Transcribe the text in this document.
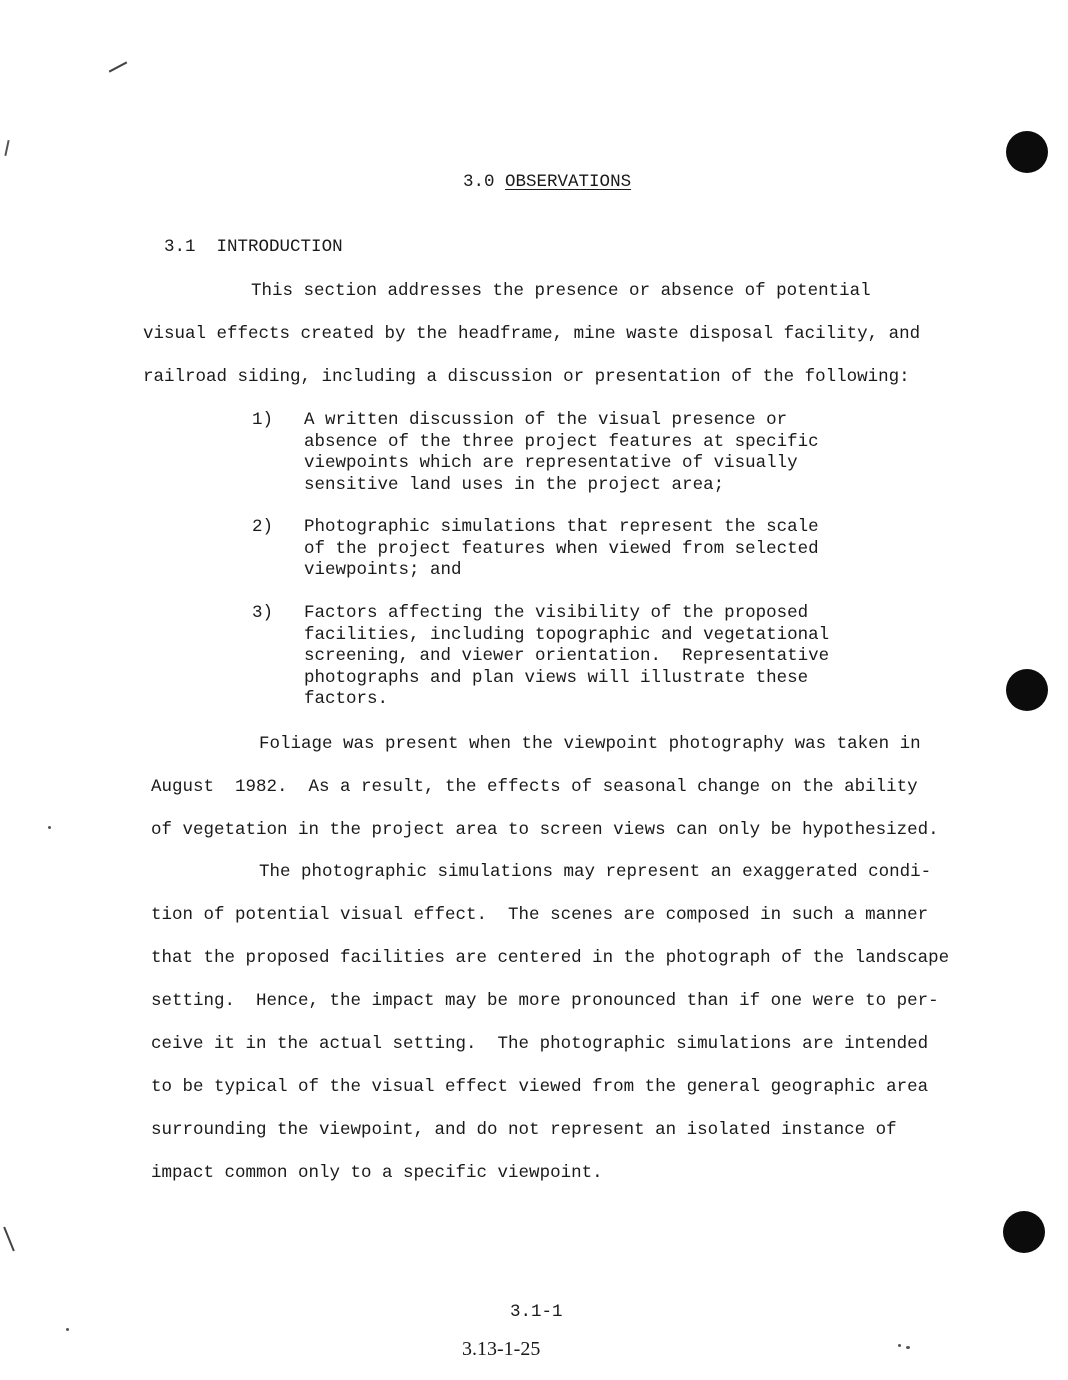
3.0 OBSERVATIONS

3.1 INTRODUCTION

This section addresses the presence or absence of potential
visual effects created by the headframe, mine waste disposal facility, and
railroad siding, including a discussion or presentation of the following:
1) A written discussion of the visual presence or
absence of the three project features at specific
viewpoints which are representative of visually
sensitive land uses in the project area;
2) Photographic simulations that represent the scale
of the project features when viewed from selected
viewpoints; and
3) Factors affecting the visibility of the proposed
facilities, including topographic and vegetational
screening, and viewer orientation.  Representative
photographs and plan views will illustrate these
factors.
Foliage was present when the viewpoint photography was taken in
August  1982.  As a result, the effects of seasonal change on the ability
of vegetation in the project area to screen views can only be hypothesized.
The photographic simulations may represent an exaggerated condi-
tion of potential visual effect.  The scenes are composed in such a manner
that the proposed facilities are centered in the photograph of the landscape
setting.  Hence, the impact may be more pronounced than if one were to per-
ceive it in the actual setting.  The photographic simulations are intended
to be typical of the visual effect viewed from the general geographic area
surrounding the viewpoint, and do not represent an isolated instance of
impact common only to a specific viewpoint.
3.1-1
3.13-1-25
